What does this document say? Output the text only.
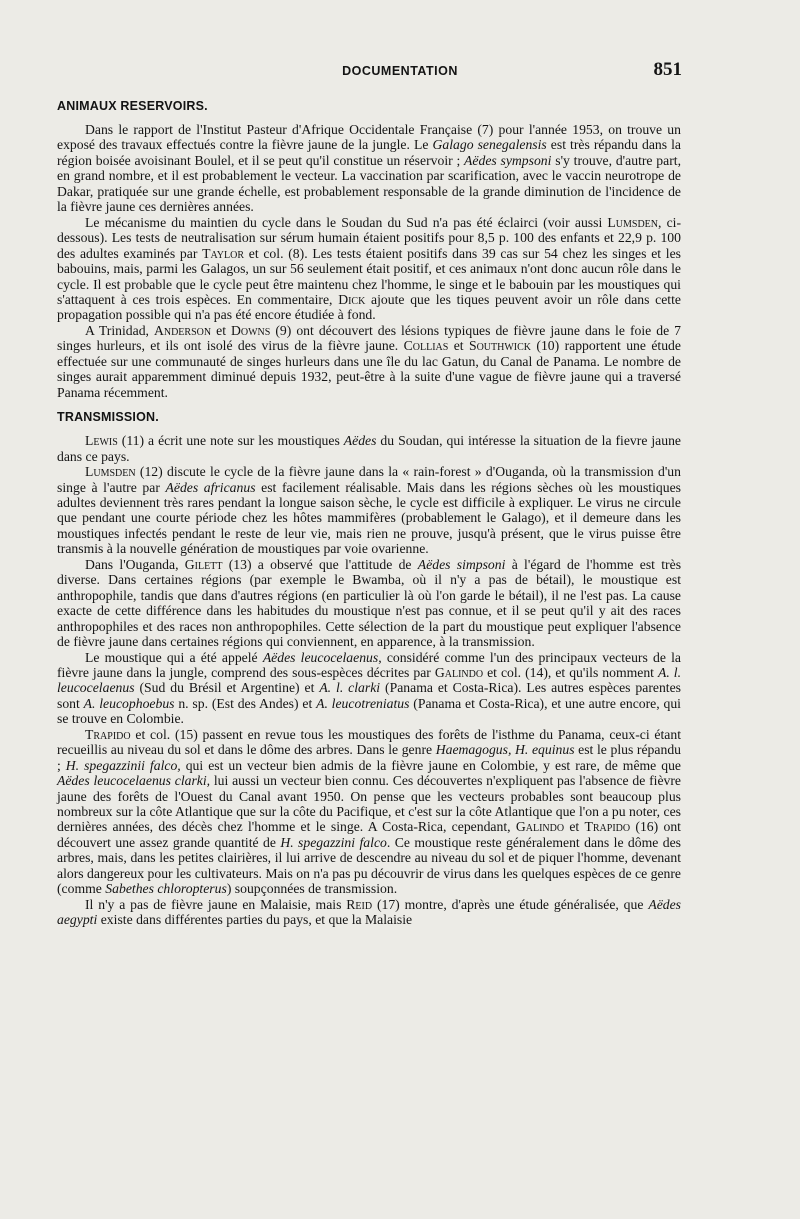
DOCUMENTATION	851
ANIMAUX RESERVOIRS.

Dans le rapport de l'Institut Pasteur d'Afrique Occidentale Française (7) pour l'année 1953, on trouve un exposé des travaux effectués contre la fièvre jaune de la jungle. Le Galago senegalensis est très répandu dans la région boisée avoisinant Boulel, et il se peut qu'il constitue un réservoir ; Aëdes sympsoni s'y trouve, d'autre part, en grand nombre, et il est probablement le vecteur. La vaccination par scarification, avec le vaccin neurotrope de Dakar, pratiquée sur une grande échelle, est probablement responsable de la grande diminution de l'incidence de la fièvre jaune ces dernières années.

Le mécanisme du maintien du cycle dans le Soudan du Sud n'a pas été éclairci (voir aussi Lumsden, ci-dessous). Les tests de neutralisation sur sérum humain étaient positifs pour 8,5 p. 100 des enfants et 22,9 p. 100 des adultes examinés par Taylor et col. (8). Les tests étaient positifs dans 39 cas sur 54 chez les singes et les babouins, mais, parmi les Galagos, un sur 56 seulement était positif, et ces animaux n'ont donc aucun rôle dans le cycle. Il est probable que le cycle peut être maintenu chez l'homme, le singe et le babouin par les moustiques qui s'attaquent à ces trois espèces. En commentaire, Dick ajoute que les tiques peuvent avoir un rôle dans cette propagation possible qui n'a pas été encore étudiée à fond.

A Trinidad, Anderson et Downs (9) ont découvert des lésions typiques de fièvre jaune dans le foie de 7 singes hurleurs, et ils ont isolé des virus de la fièvre jaune. Collias et Southwick (10) rapportent une étude effectuée sur une communauté de singes hurleurs dans une île du lac Gatun, du Canal de Panama. Le nombre de singes aurait apparemment diminué depuis 1932, peut-être à la suite d'une vague de fièvre jaune qui a traversé Panama récemment.

TRANSMISSION.

Lewis (11) a écrit une note sur les moustiques Aëdes du Soudan, qui intéresse la situation de la fievre jaune dans ce pays.

Lumsden (12) discute le cycle de la fièvre jaune dans la « rain-forest » d'Ouganda, où la transmission d'un singe à l'autre par Aëdes africanus est facilement réalisable. Mais dans les régions sèches où les moustiques adultes deviennent très rares pendant la longue saison sèche, le cycle est difficile à expliquer. Le virus ne circule que pendant une courte période chez les hôtes mammifères (probablement le Galago), et il demeure dans les moustiques infectés pendant le reste de leur vie, mais rien ne prouve, jusqu'à présent, que le virus puisse être transmis à la nouvelle génération de moustiques par voie ovarienne.

Dans l'Ouganda, Gilett (13) a observé que l'attitude de Aëdes simpsoni à l'égard de l'homme est très diverse. Dans certaines régions (par exemple le Bwamba, où il n'y a pas de bétail), le moustique est anthropophile, tandis que dans d'autres régions (en particulier là où l'on garde le bétail), il ne l'est pas. La cause exacte de cette différence dans les habitudes du moustique n'est pas connue, et il se peut qu'il y ait des races anthropophiles et des races non anthropophiles. Cette sélection de la part du moustique peut expliquer l'absence de fièvre jaune dans certaines régions qui conviennent, en apparence, à la transmission.

Le moustique qui a été appelé Aëdes leucocelaenus, considéré comme l'un des principaux vecteurs de la fièvre jaune dans la jungle, comprend des sous-espèces décrites par Galindo et col. (14), et qu'ils nomment A. l. leucocelaenus (Sud du Brésil et Argentine) et A. l. clarki (Panama et Costa-Rica). Les autres espèces parentes sont A. leucophoebus n. sp. (Est des Andes) et A. leucotreniatus (Panama et Costa-Rica), et une autre encore, qui se trouve en Colombie.

Trapido et col. (15) passent en revue tous les moustiques des forêts de l'isthme du Panama, ceux-ci étant recueillis au niveau du sol et dans le dôme des arbres. Dans le genre Haemagogus, H. equinus est le plus répandu ; H. spegazzinii falco, qui est un vecteur bien admis de la fièvre jaune en Colombie, y est rare, de même que Aëdes leucocelaenus clarki, lui aussi un vecteur bien connu. Ces découvertes n'expliquent pas l'absence de fièvre jaune des forêts de l'Ouest du Canal avant 1950. On pense que les vecteurs probables sont beaucoup plus nombreux sur la côte Atlantique que sur la côte du Pacifique, et c'est sur la côte Atlantique que l'on a pu noter, ces dernières années, des décès chez l'homme et le singe. A Costa-Rica, cependant, Galindo et Trapido (16) ont découvert une assez grande quantité de H. spegazzini falco. Ce moustique reste généralement dans le dôme des arbres, mais, dans les petites clairières, il lui arrive de descendre au niveau du sol et de piquer l'homme, devenant alors dangereux pour les cultivateurs. Mais on n'a pas pu découvrir de virus dans les quelques espèces de ce genre (comme Sabethes chloropterus) soupçonnées de transmission.

Il n'y a pas de fièvre jaune en Malaisie, mais Reid (17) montre, d'après une étude généralisée, que Aëdes aegypti existe dans différentes parties du pays, et que la Malaisie
